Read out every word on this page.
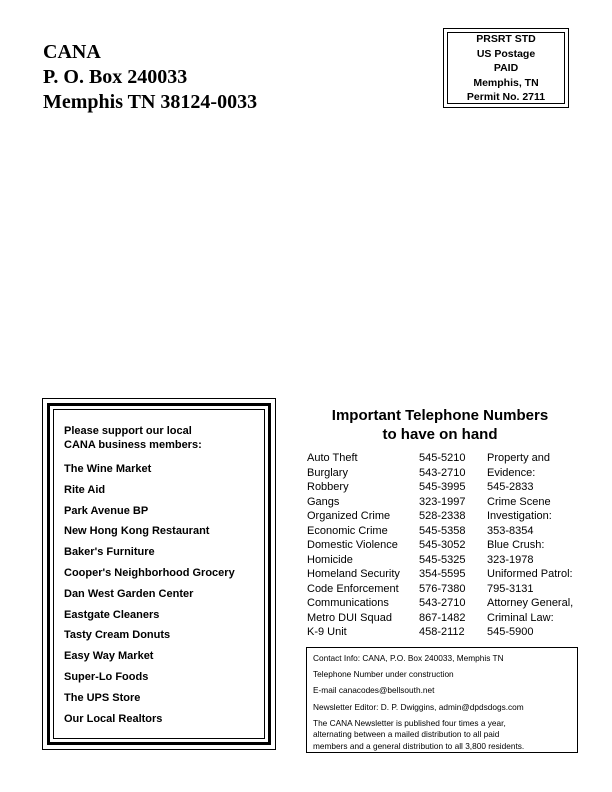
CANA
P. O. Box 240033
Memphis TN 38124-0033
PRSRT STD
US Postage
PAID
Memphis, TN
Permit No. 2711
Please support our local
CANA business members:
The Wine Market
Rite Aid
Park Avenue BP
New Hong Kong Restaurant
Baker's Furniture
Cooper's Neighborhood Grocery
Dan West Garden Center
Eastgate Cleaners
Tasty Cream Donuts
Easy Way Market
Super-Lo Foods
The UPS Store
Our Local Realtors
Important Telephone Numbers
to have on hand
Auto Theft	545-5210
Burglary	543-2710
Robbery	545-3995
Gangs	323-1997
Organized Crime	528-2338
Economic Crime	545-5358
Domestic Violence 545-3052
Homicide	545-5325
Homeland Security 354-5595
Code Enforcement 576-7380
Communications	543-2710
Metro DUI Squad 867-1482
K-9 Unit	458-2112
Property and
Evidence:
545-2833
Crime Scene
Investigation:
353-8354
Blue Crush:
323-1978
Uniformed Patrol:
795-3131
Attorney General,
Criminal Law:
545-5900
Contact Info: CANA, P.O. Box 240033, Memphis TN
Telephone Number under construction
E-mail canacodes@bellsouth.net
Newsletter Editor: D. P. Dwiggins, admin@dpdsdogs.com
The CANA Newsletter is published four times a year,
alternating between a mailed distribution to all paid
members and a general distribution to all 3,800 residents.
